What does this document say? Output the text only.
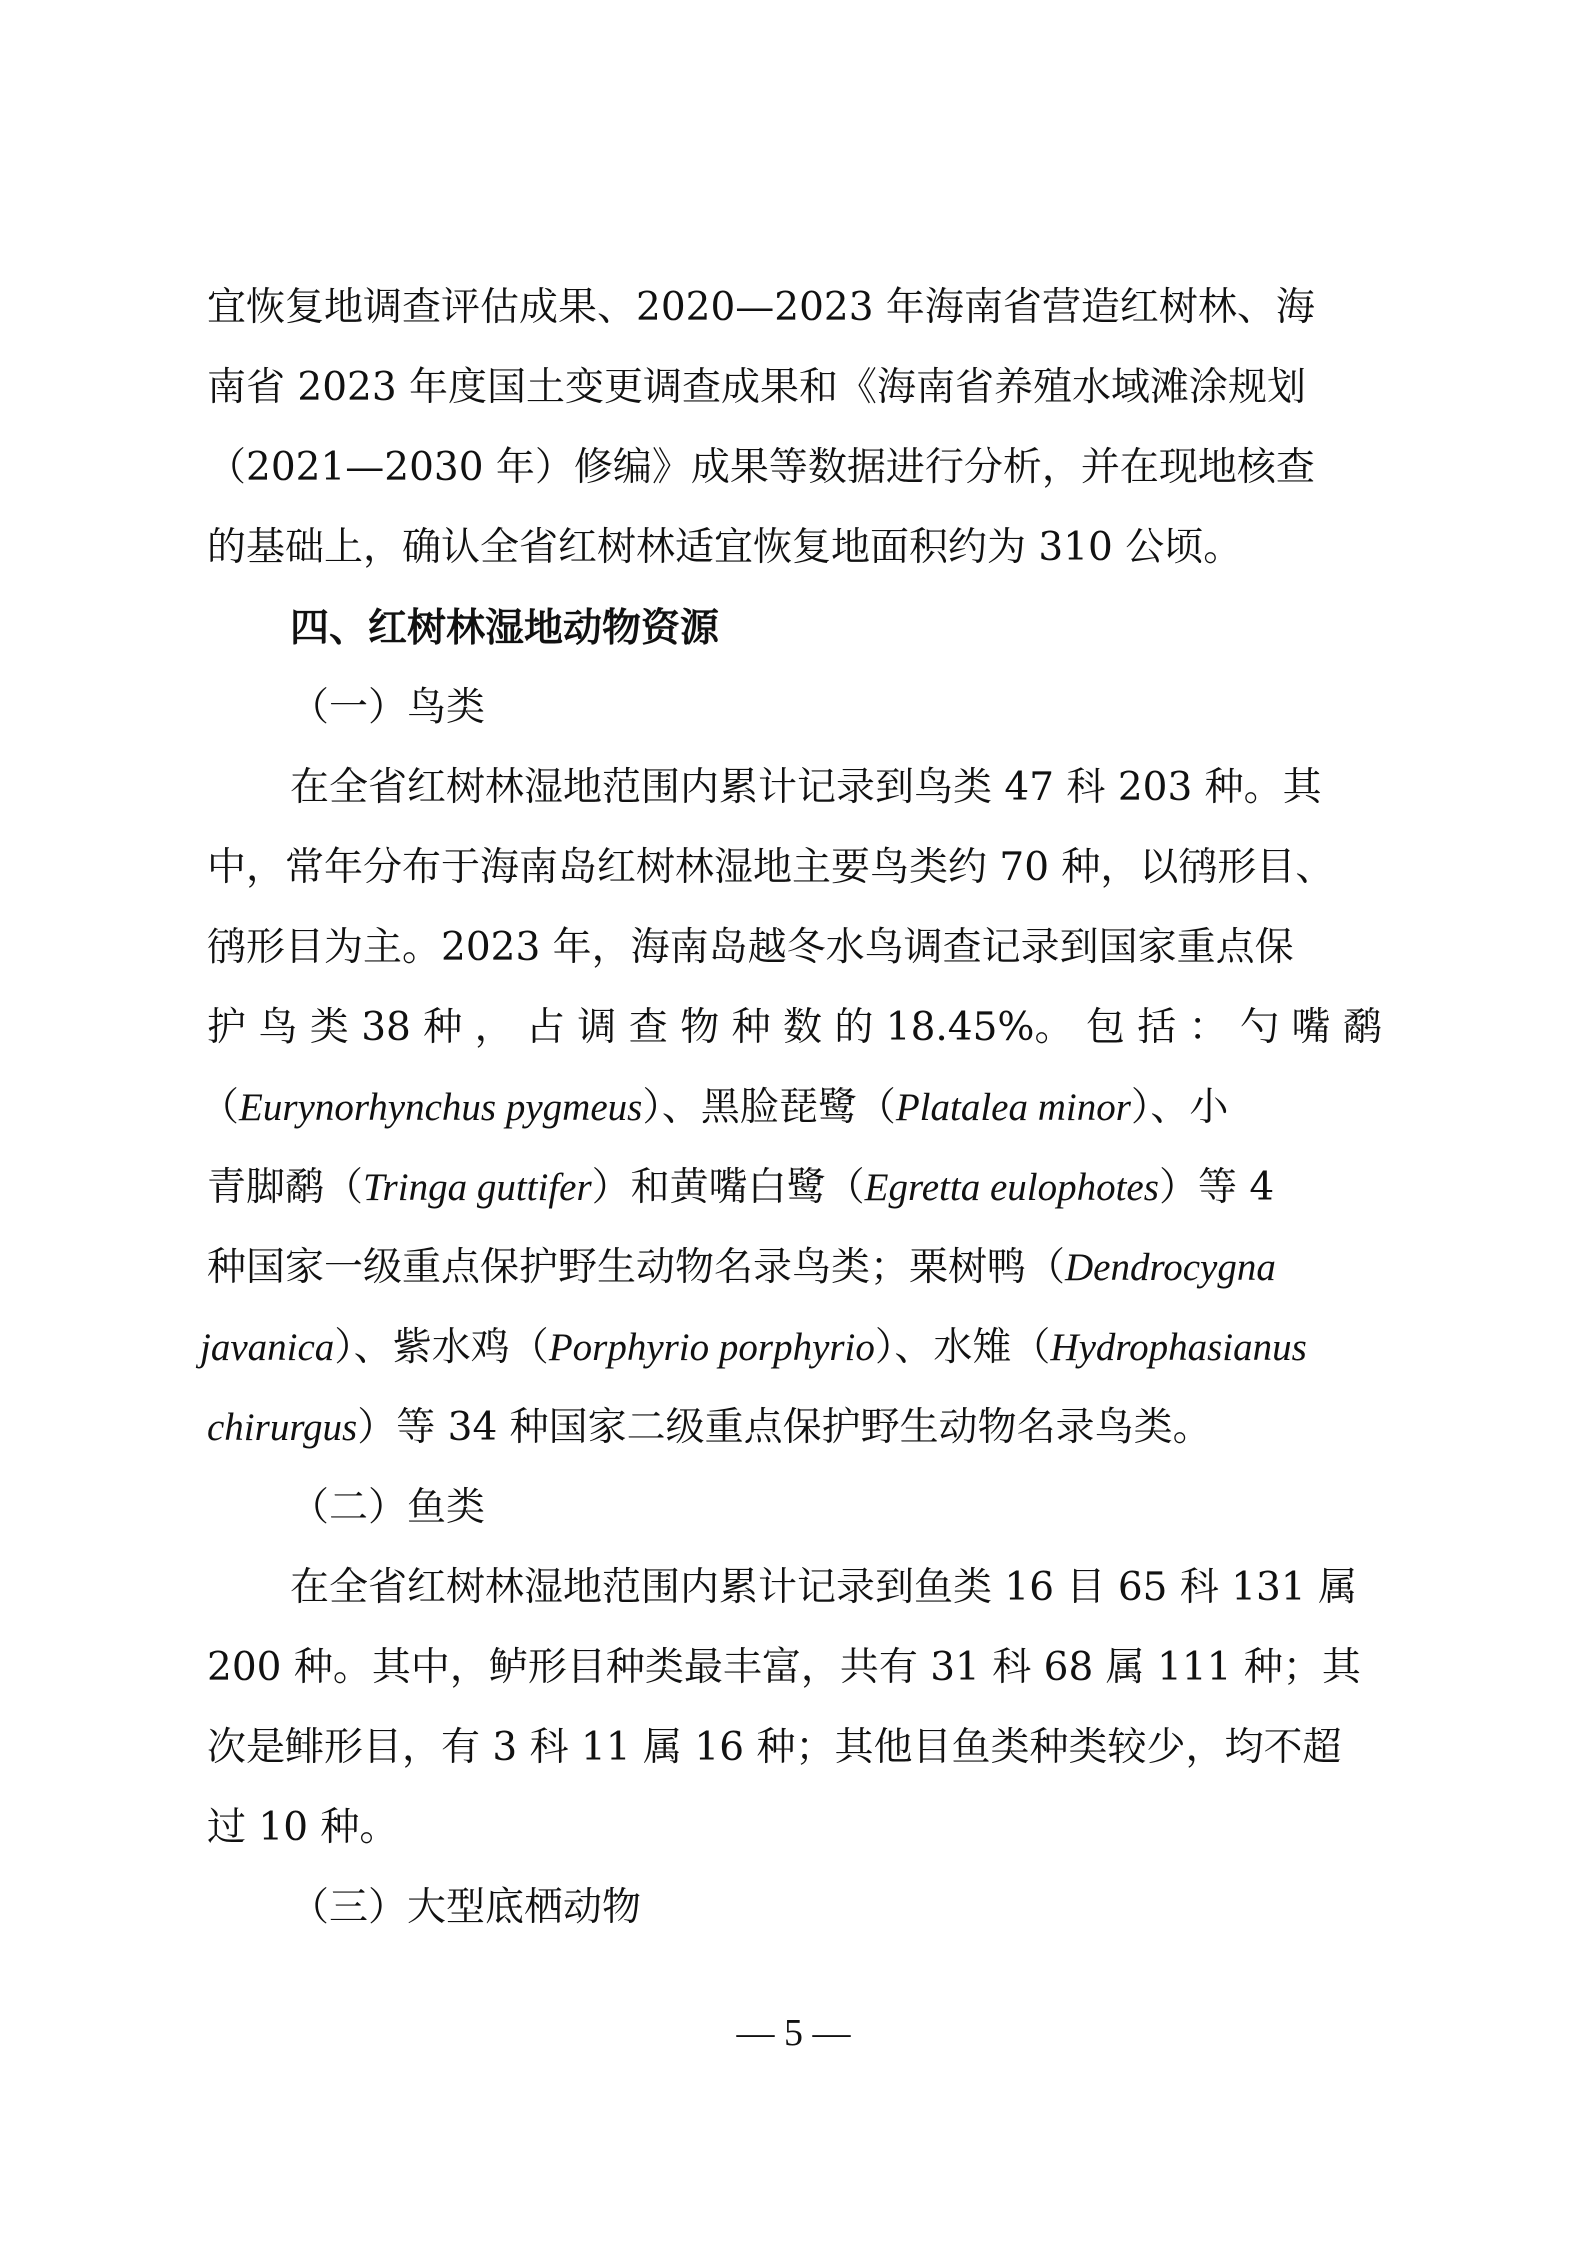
宜恢复地调查评估成果、2020—2023 年海南省营造红树林、海
南省 2023 年度国土变更调查成果和《海南省养殖水域滩涂规划
（2021—2030 年）修编》成果等数据进行分析，并在现地核查
的基础上，确认全省红树林适宜恢复地面积约为 310 公顷。
四、红树林湿地动物资源
（一）鸟类
在全省红树林湿地范围内累计记录到鸟类 47 科 203 种。其
中，常年分布于海南岛红树林湿地主要鸟类约 70 种，以鸻形目、
鸻形目为主。2023 年，海南岛越冬水鸟调查记录到国家重点保
护 鸟 类 38 种 ， 占 调 查 物 种 数 的 18.45%。 包 括 ： 勺 嘴 鹬
（Eurynorhynchus pygmeus）、黑脸琵鹭（Platalea minor）、小
青脚鹬（Tringa guttifer）和黄嘴白鹭（Egretta eulophotes）等 4
种国家一级重点保护野生动物名录鸟类；栗树鸭（Dendrocygna
javanica）、紫水鸡（Porphyrio porphyrio）、水雉（Hydrophasianus
chirurgus）等 34 种国家二级重点保护野生动物名录鸟类。
（二）鱼类
在全省红树林湿地范围内累计记录到鱼类 16 目 65 科 131 属
200 种。其中，鲈形目种类最丰富，共有 31 科 68 属 111 种；其
次是鲱形目，有 3 科 11 属 16 种；其他目鱼类种类较少，均不超
过 10 种。
（三）大型底栖动物
— 5 —
